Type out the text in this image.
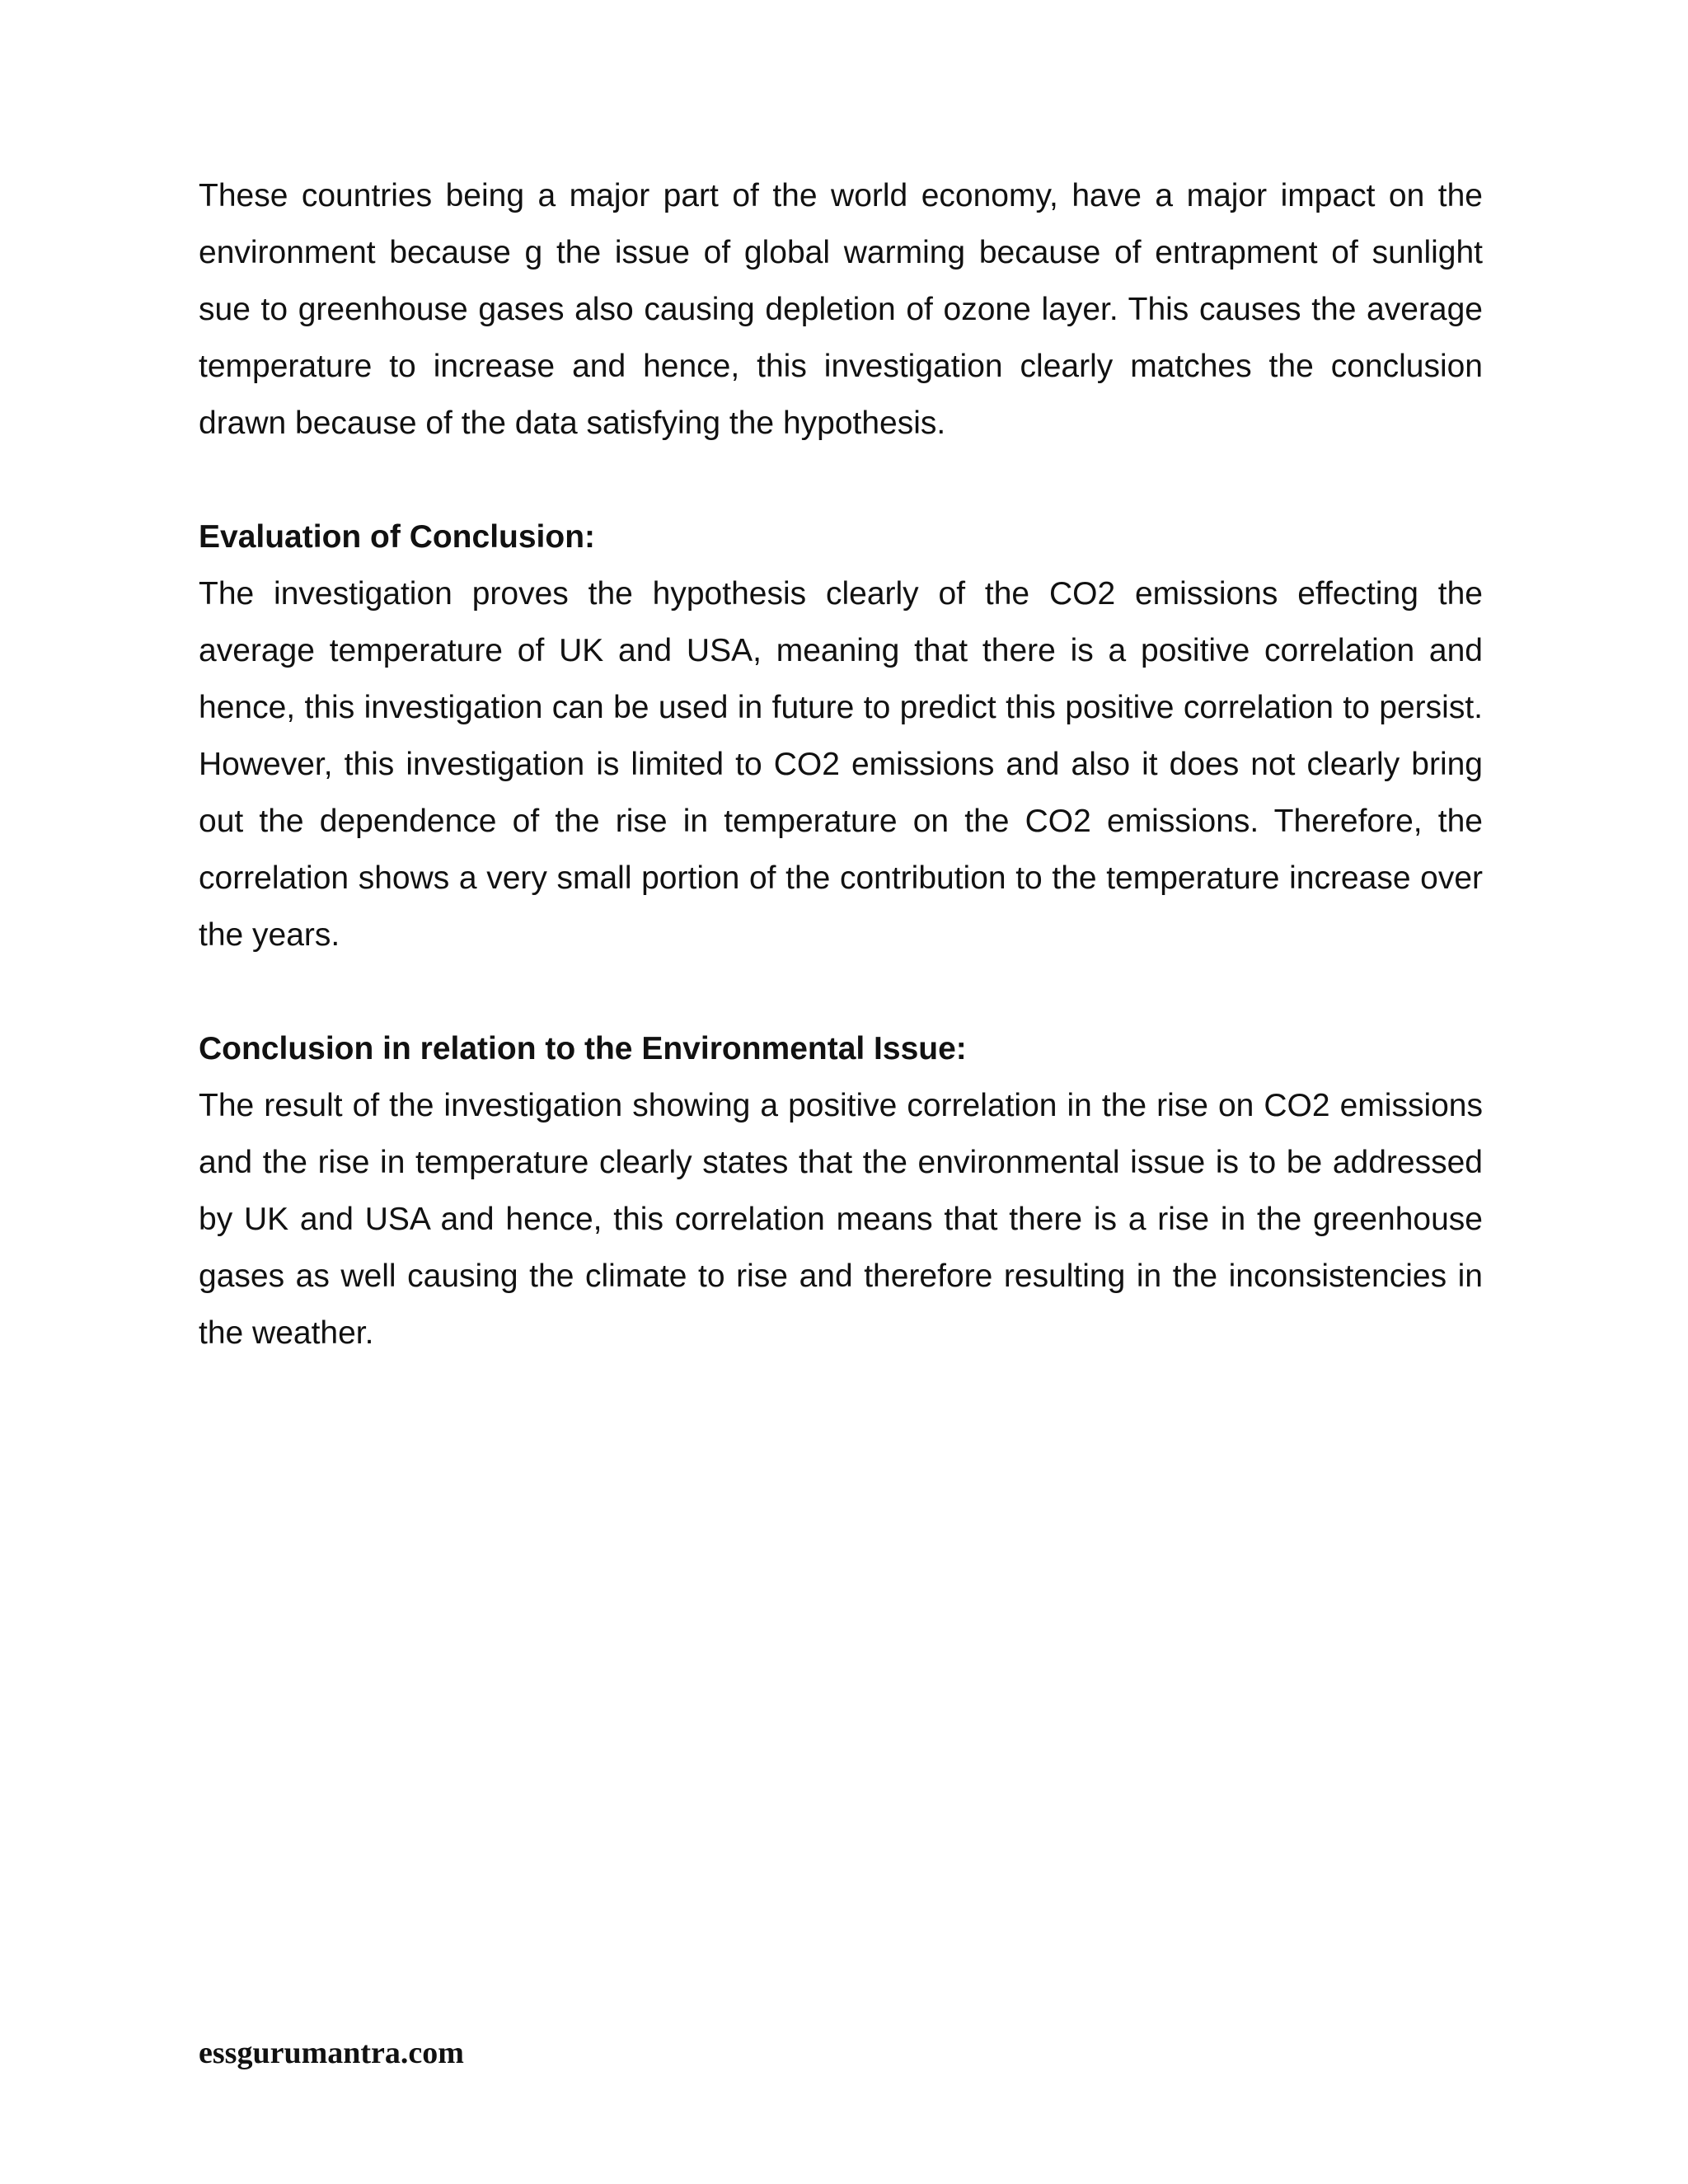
These countries being a major part of the world economy, have a major impact on the environment because g the issue of global warming because of entrapment of sunlight sue to greenhouse gases also causing depletion of ozone layer. This causes the average temperature to increase and hence, this investigation clearly matches the conclusion drawn because of the data satisfying the hypothesis.

Evaluation of Conclusion:

The investigation proves the hypothesis clearly of the CO2 emissions effecting the average temperature of UK and USA, meaning that there is a positive correlation and hence, this investigation can be used in future to predict this positive correlation to persist. However, this investigation is limited to CO2 emissions and also it does not clearly bring out the dependence of the rise in temperature on the CO2 emissions. Therefore, the correlation shows a very small portion of the contribution to the temperature increase over the years.

Conclusion in relation to the Environmental Issue:

The result of the investigation showing a positive correlation in the rise on CO2 emissions and the rise in temperature clearly states that the environmental issue is to be addressed by UK and USA and hence, this correlation means that there is a rise in the greenhouse gases as well causing the climate to rise and therefore resulting in the inconsistencies in the weather.

essgurumantra.com
